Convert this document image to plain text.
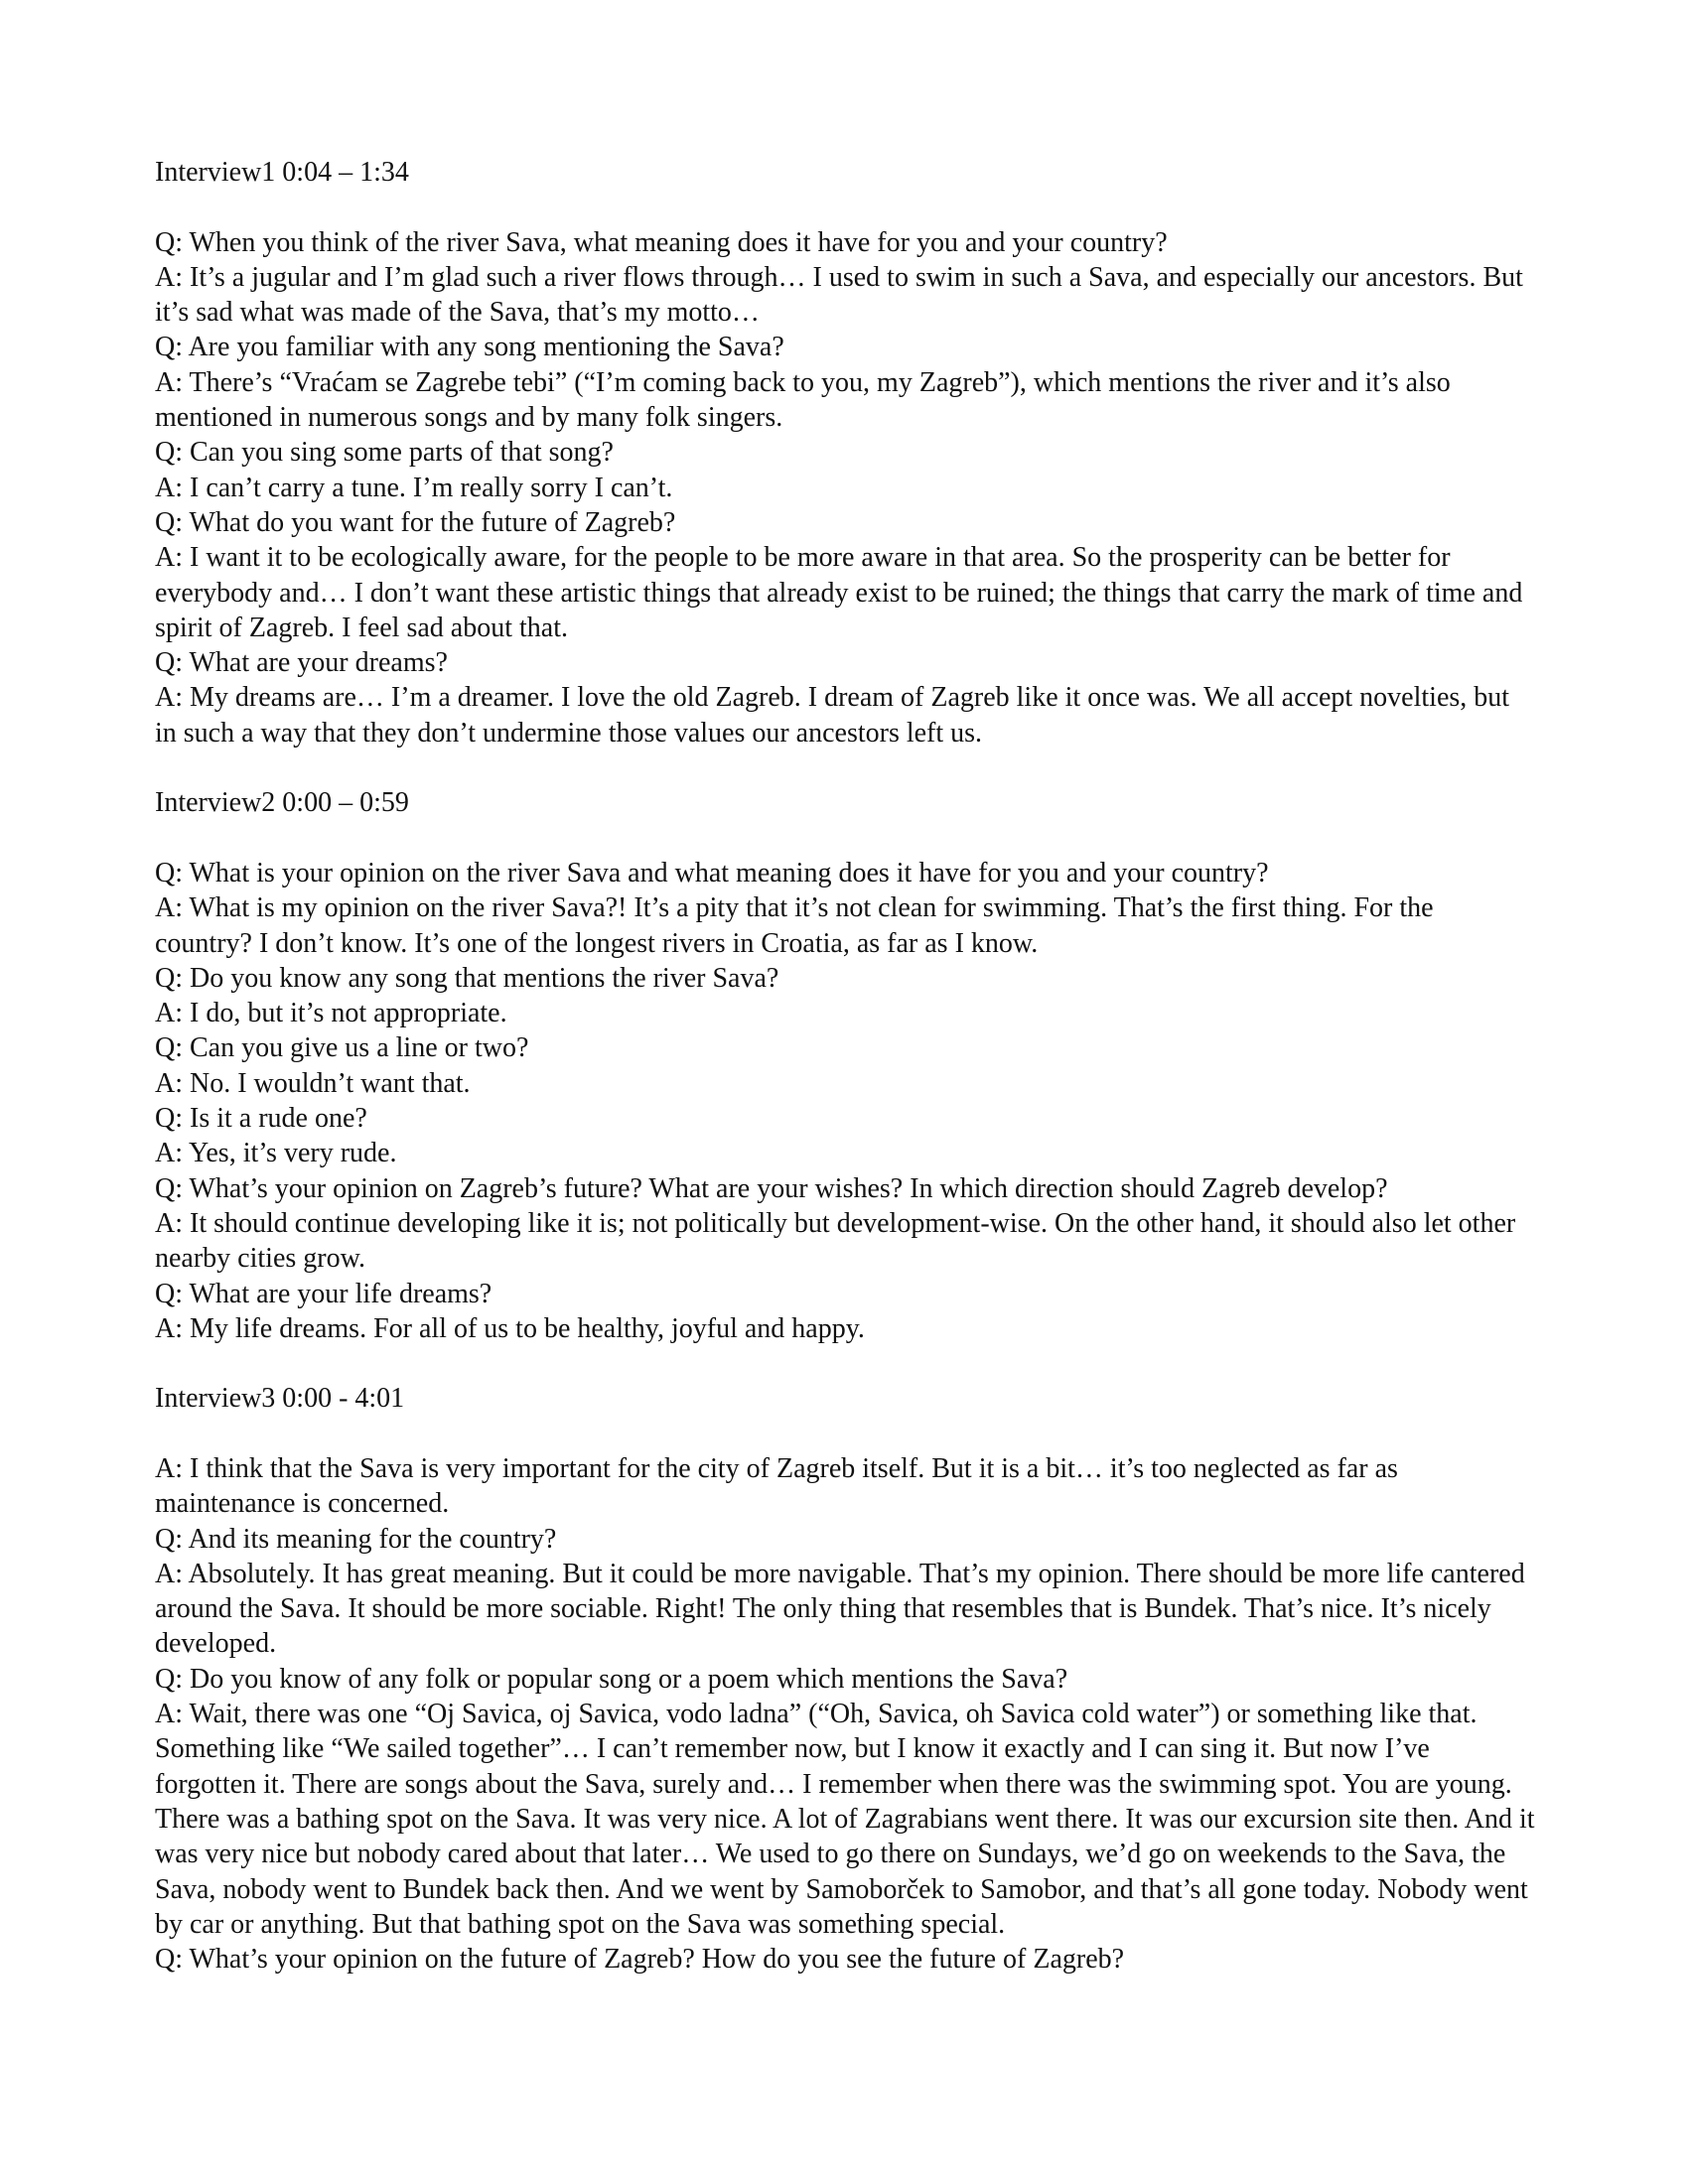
Interview1 0:04 – 1:34

Q: When you think of the river Sava, what meaning does it have for you and your country?

A: It’s a jugular and I’m glad such a river flows through… I used to swim in such a Sava, and especially our ancestors. But it’s sad what was made of the Sava, that’s my motto…

Q: Are you familiar with any song mentioning the Sava?

A: There’s “Vraćam se Zagrebe tebi” (“I’m coming back to you, my Zagreb”), which mentions the river and it’s also mentioned in numerous songs and by many folk singers.

Q: Can you sing some parts of that song?

A: I can’t carry a tune. I’m really sorry I can’t.

Q: What do you want for the future of Zagreb?

A: I want it to be ecologically aware, for the people to be more aware in that area. So the prosperity can be better for everybody and… I don’t want these artistic things that already exist to be ruined; the things that carry the mark of time and spirit of Zagreb. I feel sad about that.

Q: What are your dreams?

A: My dreams are… I’m a dreamer. I love the old Zagreb. I dream of Zagreb like it once was. We all accept novelties, but in such a way that they don’t undermine those values our ancestors left us.

Interview2 0:00 – 0:59

Q: What is your opinion on the river Sava and what meaning does it have for you and your country?

A: What is my opinion on the river Sava?! It’s a pity that it’s not clean for swimming. That’s the first thing. For the country? I don’t know. It’s one of the longest rivers in Croatia, as far as I know.

Q: Do you know any song that mentions the river Sava?

A: I do, but it’s not appropriate.

Q: Can you give us a line or two?

A: No. I wouldn’t want that.

Q: Is it a rude one?

A: Yes, it’s very rude.

Q: What’s your opinion on Zagreb’s future? What are your wishes? In which direction should Zagreb develop?

A: It should continue developing like it is; not politically but development-wise. On the other hand, it should also let other nearby cities grow.

Q: What are your life dreams?

A: My life dreams. For all of us to be healthy, joyful and happy.

Interview3 0:00 - 4:01

A: I think that the Sava is very important for the city of Zagreb itself. But it is a bit… it’s too neglected as far as maintenance is concerned.

Q: And its meaning for the country?

A: Absolutely. It has great meaning. But it could be more navigable. That’s my opinion. There should be more life cantered around the Sava. It should be more sociable. Right! The only thing that resembles that is Bundek. That’s nice. It’s nicely developed.

Q: Do you know of any folk or popular song or a poem which mentions the Sava?

A: Wait, there was one “Oj Savica, oj Savica, vodo ladna” (“Oh, Savica, oh Savica cold water”) or something like that. Something like “We sailed together”… I can’t remember now, but I know it exactly and I can sing it. But now I’ve forgotten it. There are songs about the Sava, surely and… I remember when there was the swimming spot. You are young. There was a bathing spot on the Sava. It was very nice. A lot of Zagrabians went there. It was our excursion site then. And it was very nice but nobody cared about that later… We used to go there on Sundays, we’d go on weekends to the Sava, the Sava, nobody went to Bundek back then. And we went by Samoborček to Samobor, and that’s all gone today. Nobody went by car or anything. But that bathing spot on the Sava was something special.

Q: What’s your opinion on the future of Zagreb? How do you see the future of Zagreb?
